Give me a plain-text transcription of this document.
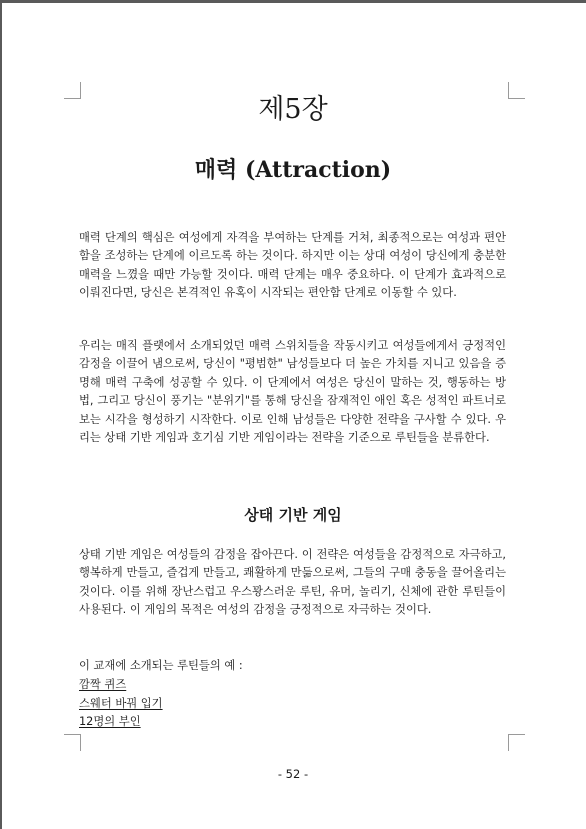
제5장
매력 (Attraction)

매력 단계의 핵심은 여성에게 자격을 부여하는 단계를 거쳐, 최종적으로는 여성과 편안함을 조성하는 단계에 이르도록 하는 것이다. 하지만 이는 상대 여성이 당신에게 충분한 매력을 느꼈을 때만 가능할 것이다. 매력 단계는 매우 중요하다. 이 단계가 효과적으로 이뤄진다면, 당신은 본격적인 유혹이 시작되는 편안함 단계로 이동할 수 있다.

우리는 매직 플랫에서 소개되었던 매력 스위치들을 작동시키고 여성들에게서 긍정적인 감정을 이끌어 냄으로써, 당신이 "평범한" 남성들보다 더 높은 가치를 지니고 있음을 증명해 매력 구축에 성공할 수 있다. 이 단계에서 여성은 당신이 말하는 것, 행동하는 방법, 그리고 당신이 풍기는 "분위기"를 통해 당신을 잠재적인 애인 혹은 성적인 파트너로 보는 시각을 형성하기 시작한다. 이로 인해 남성들은 다양한 전략을 구사할 수 있다. 우리는 상태 기반 게임과 호기심 기반 게임이라는 전략을 기준으로 루틴들을 분류한다.

상태 기반 게임

상태 기반 게임은 여성들의 감정을 잡아끈다. 이 전략은 여성들을 감정적으로 자극하고, 행복하게 만들고, 즐겁게 만들고, 쾌활하게 만듦으로써, 그들의 구매 충동을 끌어올리는 것이다. 이를 위해 장난스럽고 우스꽝스러운 루틴, 유머, 놀리기, 신체에 관한 루틴들이 사용된다. 이 게임의 목적은 여성의 감정을 긍정적으로 자극하는 것이다.

이 교재에 소개되는 루틴들의 예 :

깜짝 퀴즈
스웨터 바꿔 입기
12명의 부인

- 52 -
